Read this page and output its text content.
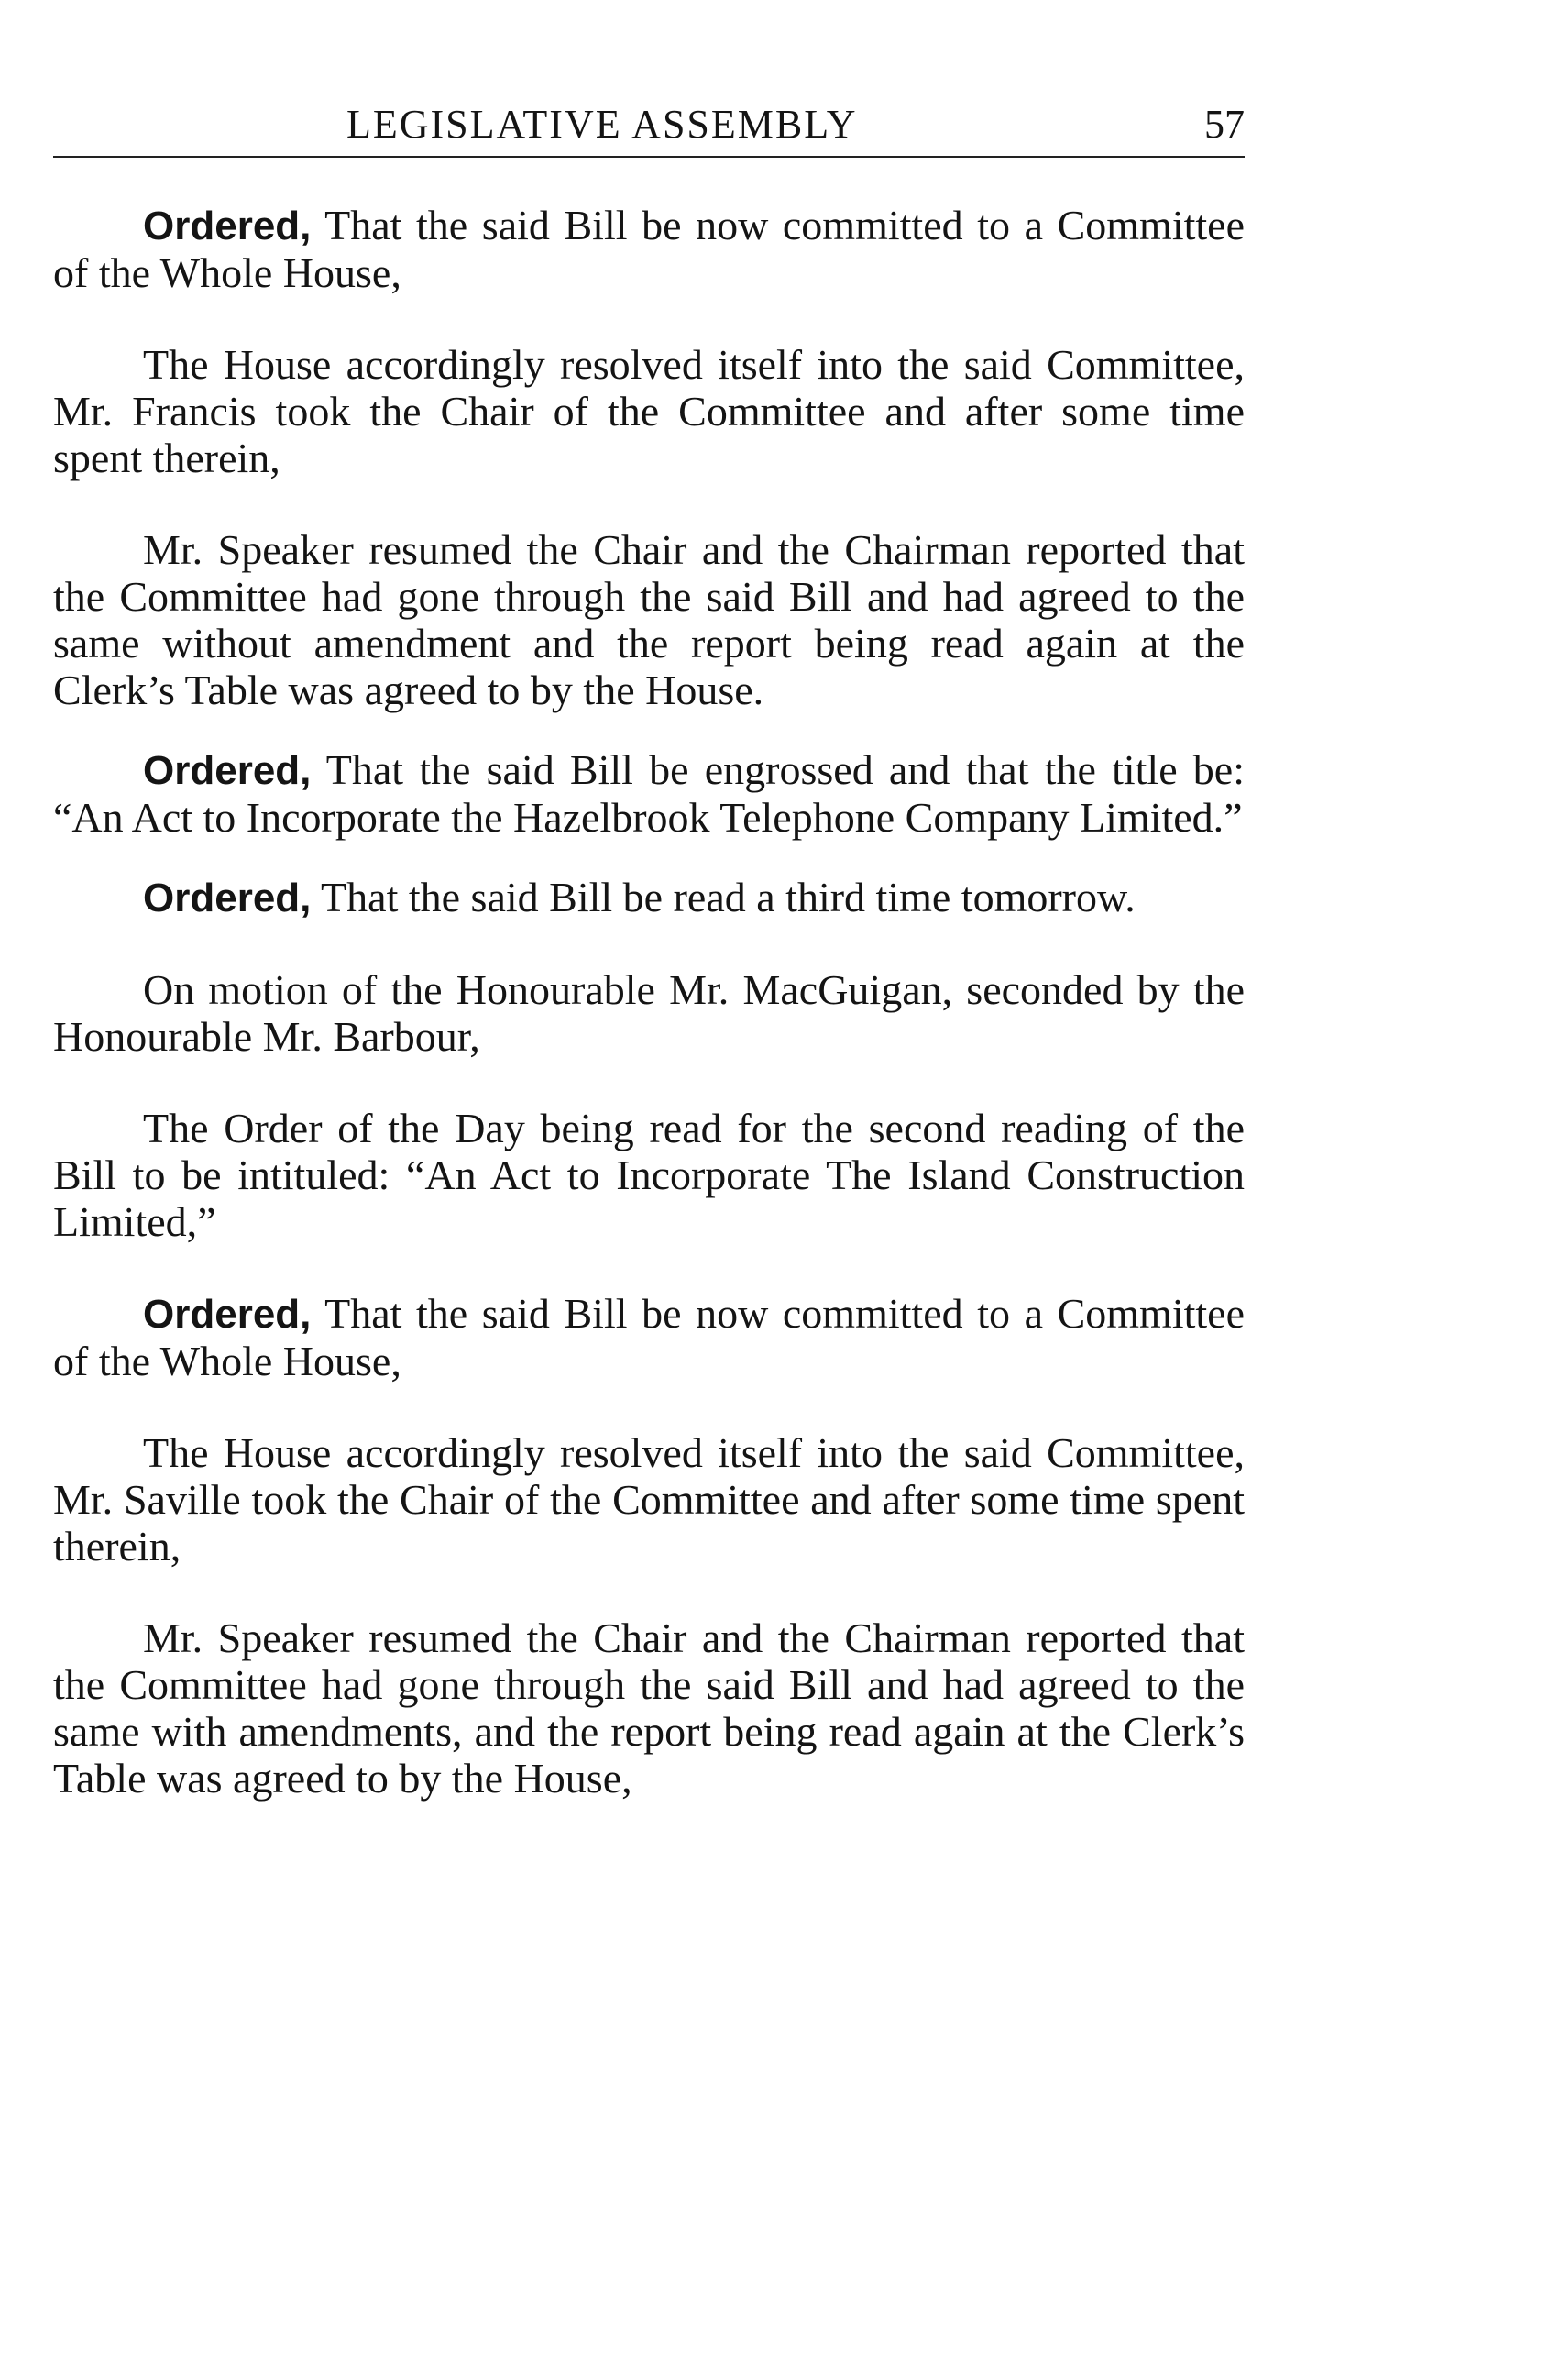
LEGISLATIVE ASSEMBLY	57

Ordered, That the said Bill be now committed to a Committee of the Whole House,

The House accordingly resolved itself into the said Committee, Mr. Francis took the Chair of the Committee and after some time spent therein,

Mr. Speaker resumed the Chair and the Chairman reported that the Committee had gone through the said Bill and had agreed to the same without amendment and the report being read again at the Clerk’s Table was agreed to by the House.

Ordered, That the said Bill be engrossed and that the title be: “An Act to Incorporate the Hazelbrook Telephone Company Limited.”

Ordered, That the said Bill be read a third time tomorrow.

On motion of the Honourable Mr. MacGuigan, seconded by the Honourable Mr. Barbour,

The Order of the Day being read for the second reading of the Bill to be intituled: “An Act to Incorporate The Island Construction Limited,”

Ordered, That the said Bill be now committed to a Committee of the Whole House,

The House accordingly resolved itself into the said Committee, Mr. Saville took the Chair of the Committee and after some time spent therein,

Mr. Speaker resumed the Chair and the Chairman reported that the Committee had gone through the said Bill and had agreed to the same with amendments, and the report being read again at the Clerk’s Table was agreed to by the House,
